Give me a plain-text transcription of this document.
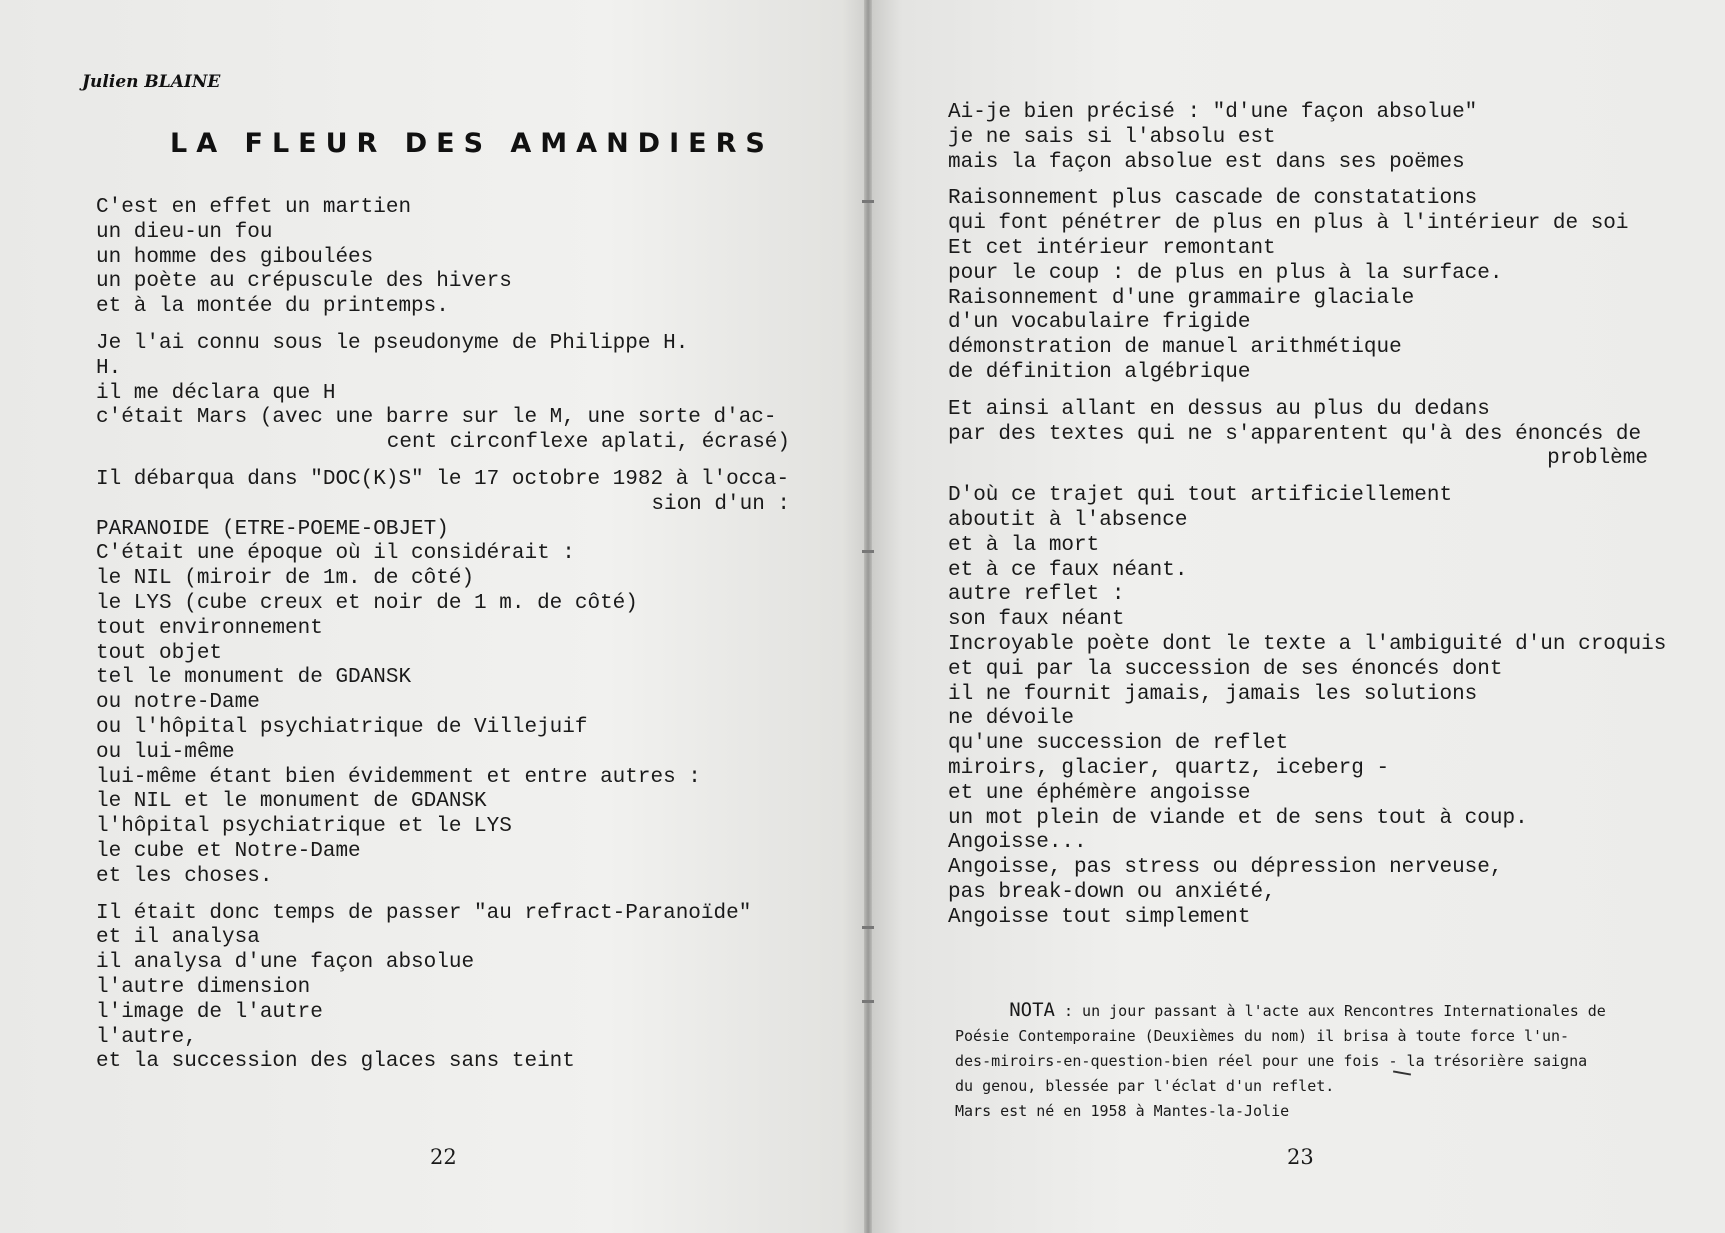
Julien BLAINE
LA FLEUR DES AMANDIERS
C'est en effet un martien
un dieu-un fou
un homme des giboulées
un poète au crépuscule des hivers
et à la montée du printemps.
Je l'ai connu sous le pseudonyme de Philippe H.
H.
il me déclara que H
c'était Mars (avec une barre sur le M, une sorte d'ac-
cent circonflexe aplati, écrasé)
Il débarqua dans "DOC(K)S" le 17 octobre 1982 à l'occa-
sion d'un :
PARANOIDE (ETRE-POEME-OBJET)
C'était une époque où il considérait :
le NIL (miroir de 1m. de côté)
le LYS (cube creux et noir de 1 m. de côté)
tout environnement
tout objet
tel le monument de GDANSK
ou notre-Dame
ou l'hôpital psychiatrique de Villejuif
ou lui-même
lui-même étant bien évidemment et entre autres :
le NIL et le monument de GDANSK
l'hôpital psychiatrique et le LYS
le cube et Notre-Dame
et les choses.
Il était donc temps de passer "au refract-Paranoïde"
et il analysa
il analysa d'une façon absolue
l'autre dimension
l'image de l'autre
l'autre,
et la succession des glaces sans teint
22
Ai-je bien précisé : "d'une façon absolue"
je ne sais si l'absolu est
mais la façon absolue est dans ses poëmes
Raisonnement plus cascade de constatations
qui font pénétrer de plus en plus à l'intérieur de soi
Et cet intérieur remontant
pour le coup : de plus en plus à la surface.
Raisonnement d'une grammaire glaciale
d'un vocabulaire frigide
démonstration de manuel arithmétique
de définition algébrique
Et ainsi allant en dessus au plus du dedans
par des textes qui ne s'apparentent qu'à des énoncés de
problème
D'où ce trajet qui tout artificiellement
aboutit à l'absence
et à la mort
et à ce faux néant.
autre reflet :
son faux néant
Incroyable poète dont le texte a l'ambiguité d'un croquis
et qui par la succession de ses énoncés dont
il ne fournit jamais, jamais les solutions
ne dévoile
qu'une succession de reflet
miroirs, glacier, quartz, iceberg -
et une éphémère angoisse
un mot plein de viande et de sens tout à coup.
Angoisse...
Angoisse, pas stress ou dépression nerveuse,
pas break-down ou anxiété,
Angoisse tout simplement

NOTA : un jour passant à l'acte aux Rencontres Internationales de

Poésie Contemporaine (Deuxièmes du nom) il brisa à toute force l'un-
des-miroirs-en-question-bien réel pour une fois - la trésorière saigna
du genou, blessée par l'éclat d'un reflet.
Mars est né en 1958 à Mantes-la-Jolie

23
